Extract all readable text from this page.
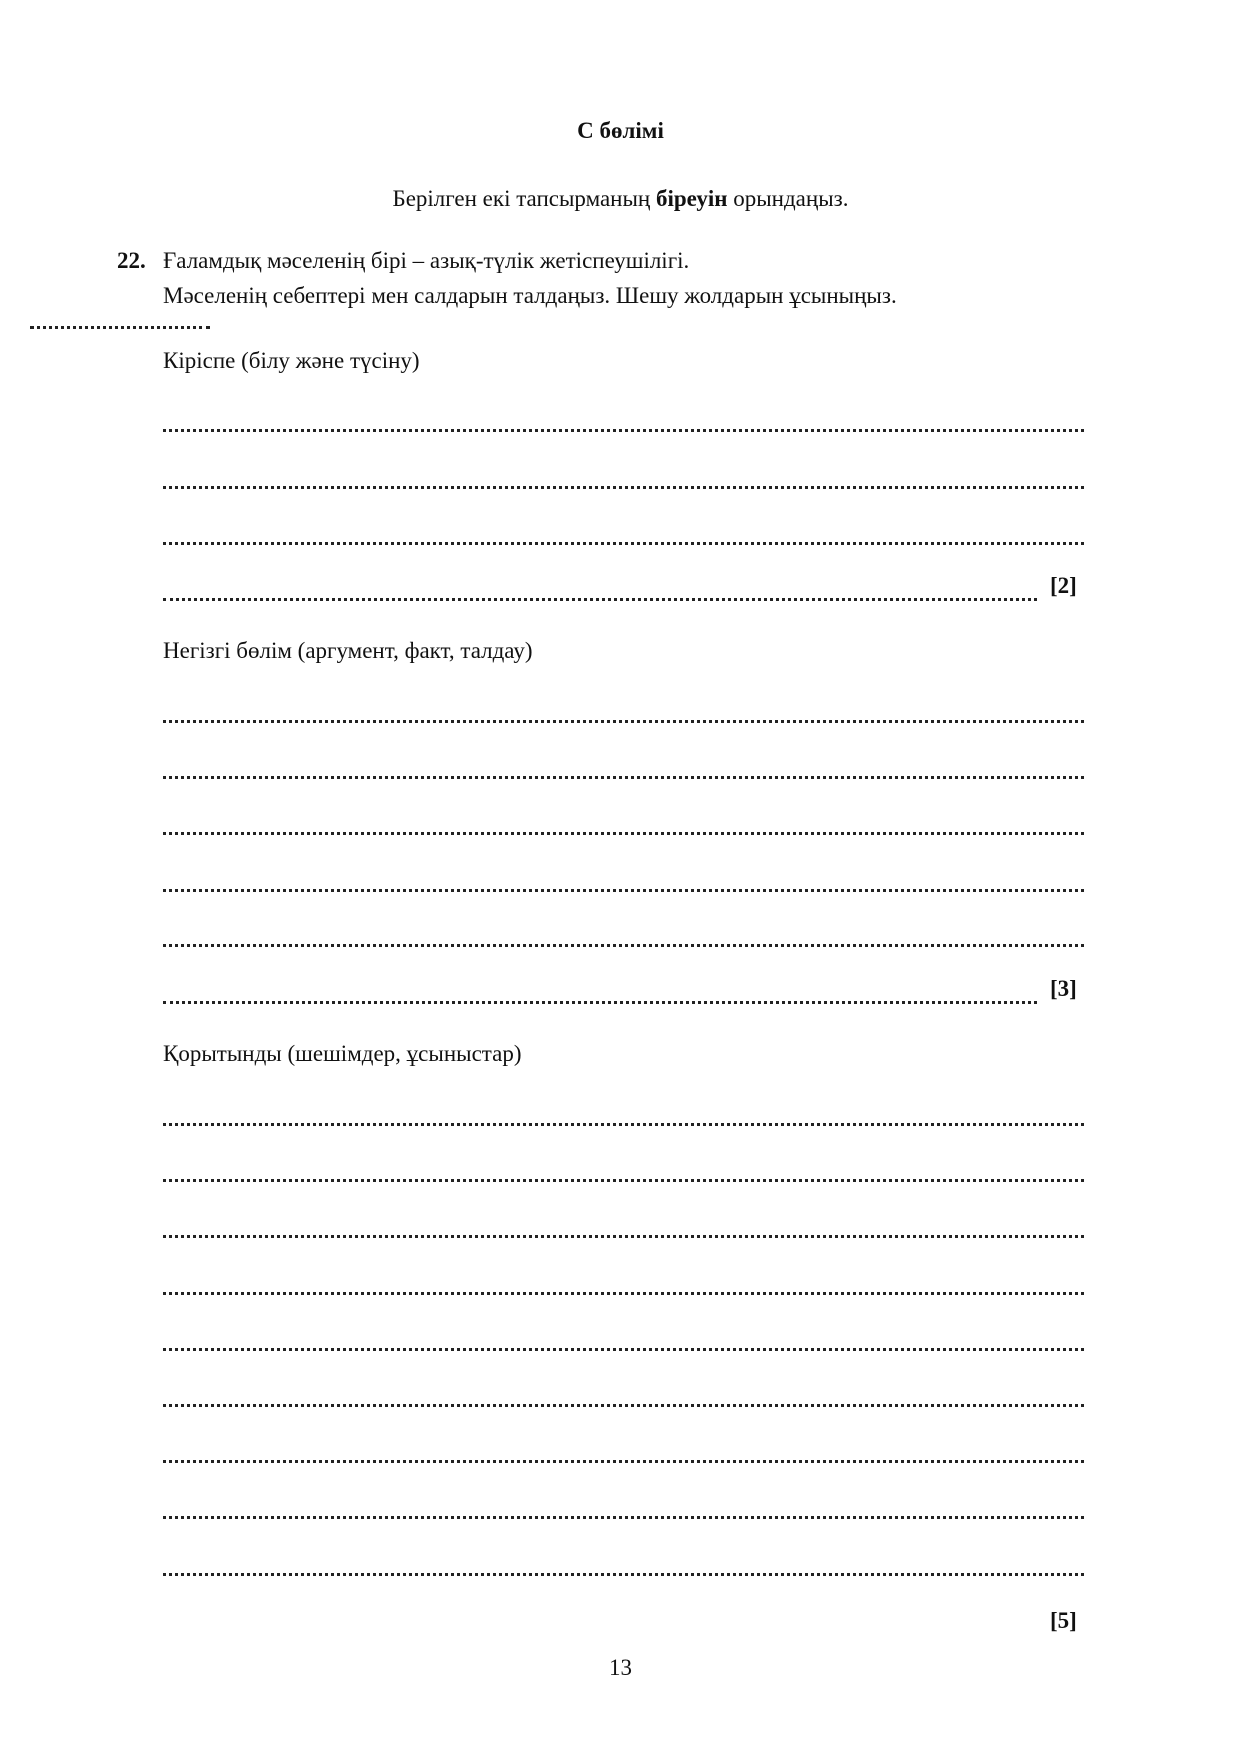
С бөлімі
Берілген екі тапсырманың біреуін орындаңыз.
22. Ғаламдық мәселенің бірі – азық-түлік жетіспеушілігі.
Мәселенің себептері мен салдарын талдаңыз. Шешу жолдарын ұсыныңыз.
Кіріспе (білу және түсіну)
[2]
Негізгі бөлім (аргумент, факт, талдау)
[3]
Қорытынды (шешімдер, ұсыныстар)
[5]
13
